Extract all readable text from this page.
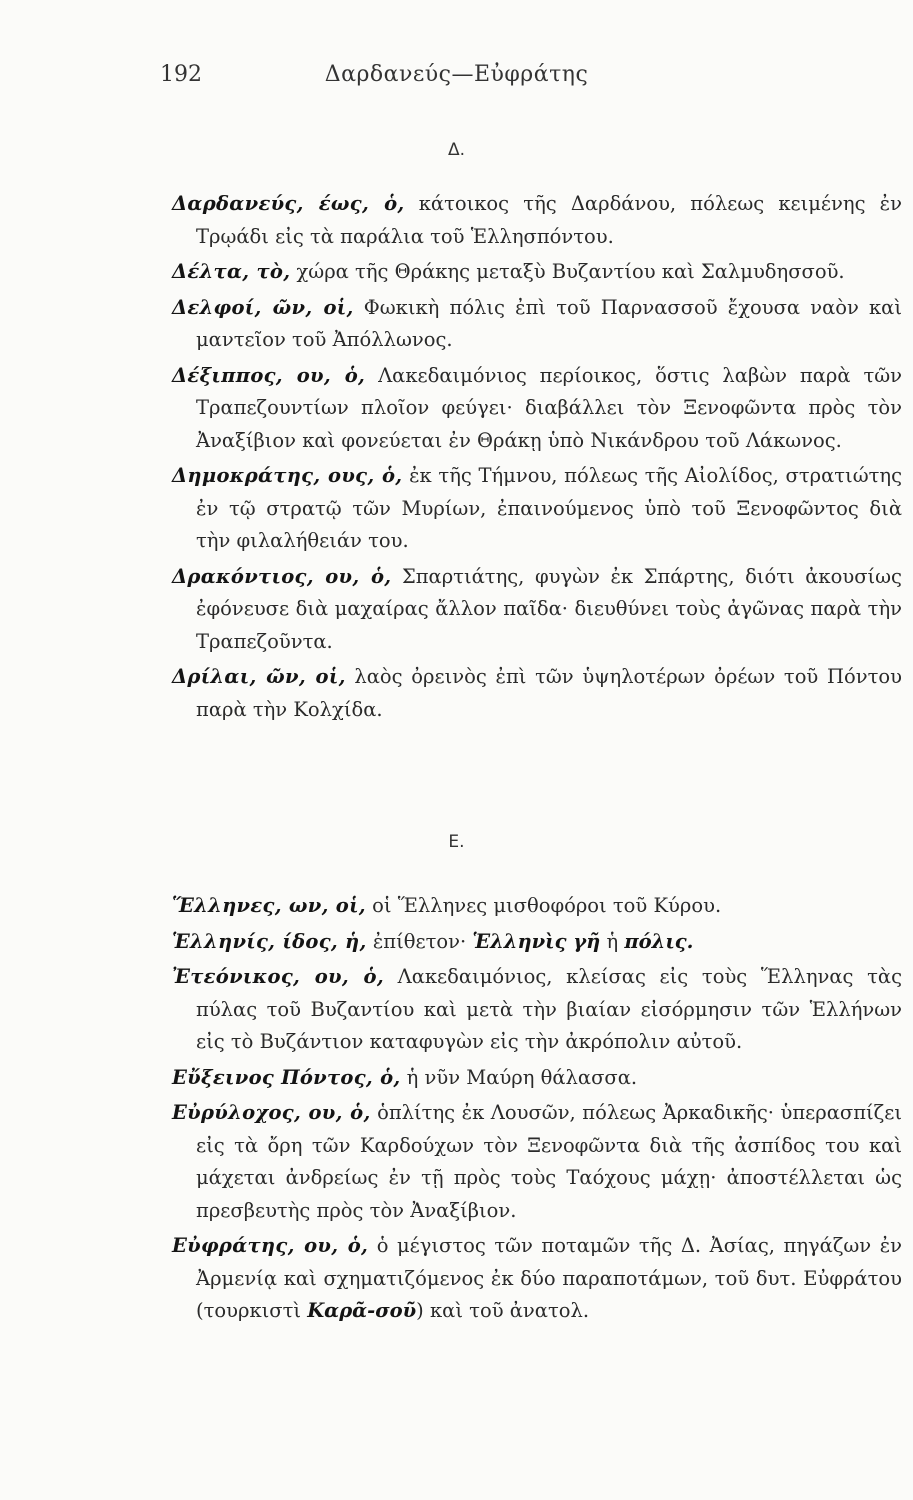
192	Δαρδανεύς—Εὐφράτης
Δ.

Δαρδανεύς, έως, ὁ, κάτοικος τῆς Δαρδάνου, πόλεως κειμένης ἐν Τρῳάδι εἰς τὰ παράλια τοῦ Ἑλλησπόντου.

Δέλτα, τὸ, χώρα τῆς Θράκης μεταξὺ Βυζαντίου καὶ Σαλμυδησσοῦ.

Δελφοί, ῶν, οἱ, Φωκικὴ πόλις ἐπὶ τοῦ Παρνασσοῦ ἔχουσα ναὸν καὶ μαντεῖον τοῦ Ἀπόλλωνος.

Δέξιππος, ου, ὁ, Λακεδαιμόνιος περίοικος, ὅστις λαβὼν παρὰ τῶν Τραπεζουντίων πλοῖον φεύγει· διαβάλλει τὸν Ξενοφῶντα πρὸς τὸν Ἀναξίβιον καὶ φονεύεται ἐν Θράκῃ ὑπὸ Νικάνδρου τοῦ Λάκωνος.

Δημοκράτης, ους, ὁ, ἐκ τῆς Τήμνου, πόλεως τῆς Αἰολίδος, στρατιώτης ἐν τῷ στρατῷ τῶν Μυρίων, ἐπαινούμενος ὑπὸ τοῦ Ξενοφῶντος διὰ τὴν φιλαλήθειάν του.

Δρακόντιος, ου, ὁ, Σπαρτιάτης, φυγὼν ἐκ Σπάρτης, διότι ἀκουσίως ἐφόνευσε διὰ μαχαίρας ἄλλον παῖδα· διευθύνει τοὺς ἀγῶνας παρὰ τὴν Τραπεζοῦντα.

Δρίλαι, ῶν, οἱ, λαὸς ὀρεινὸς ἐπὶ τῶν ὑψηλοτέρων ὀρέων τοῦ Πόντου παρὰ τὴν Κολχίδα.

Ε.

Ἕλληνες, ων, οἱ, οἱ Ἕλληνες μισθοφόροι τοῦ Κύρου.

Ἑλληνίς, ίδος, ἡ, ἐπίθετον· Ἑλληνὶς γῆ ἡ πόλις.

Ἐτεόνικος, ου, ὁ, Λακεδαιμόνιος, κλείσας εἰς τοὺς Ἕλληνας τὰς πύλας τοῦ Βυζαντίου καὶ μετὰ τὴν βιαίαν εἰσόρμησιν τῶν Ἑλλήνων εἰς τὸ Βυζάντιον καταφυγὼν εἰς τὴν ἀκρόπολιν αὐτοῦ.

Εὔξεινος Πόντος, ὁ, ἡ νῦν Μαύρη θάλασσα.

Εὐρύλοχος, ου, ὁ, ὁπλίτης ἐκ Λουσῶν, πόλεως Ἀρκαδικῆς· ὑπερασπίζει εἰς τὰ ὄρη τῶν Καρδούχων τὸν Ξενοφῶντα διὰ τῆς ἀσπίδος του καὶ μάχεται ἀνδρείως ἐν τῇ πρὸς τοὺς Ταόχους μάχῃ· ἀποστέλλεται ὡς πρεσβευτὴς πρὸς τὸν Ἀναξίβιον.

Εὐφράτης, ου, ὁ, ὁ μέγιστος τῶν ποταμῶν τῆς Δ. Ἀσίας, πηγάζων ἐν Ἀρμενίᾳ καὶ σχηματιζόμενος ἐκ δύο παραποτάμων, τοῦ δυτ. Εὐφράτου (τουρκιστὶ Καρᾶ-σοῦ) καὶ τοῦ ἀνατολ.
